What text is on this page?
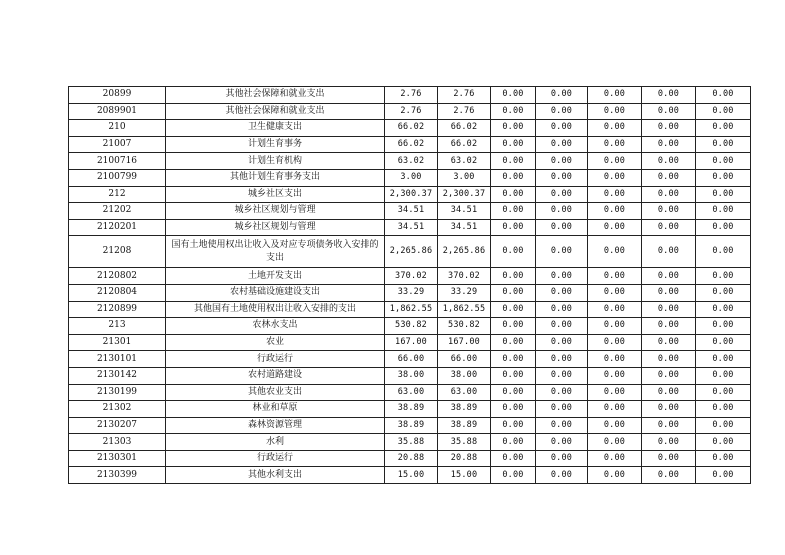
20899	其他社会保障和就业支出	2.76	2.76	0.00	0.00	0.00	0.00	0.00
2089901	其他社会保障和就业支出	2.76	2.76	0.00	0.00	0.00	0.00	0.00
210	卫生健康支出	66.02	66.02	0.00	0.00	0.00	0.00	0.00
21007	计划生育事务	66.02	66.02	0.00	0.00	0.00	0.00	0.00
2100716	计划生育机构	63.02	63.02	0.00	0.00	0.00	0.00	0.00
2100799	其他计划生育事务支出	3.00	3.00	0.00	0.00	0.00	0.00	0.00
212	城乡社区支出	2,300.37	2,300.37	0.00	0.00	0.00	0.00	0.00
21202	城乡社区规划与管理	34.51	34.51	0.00	0.00	0.00	0.00	0.00
2120201	城乡社区规划与管理	34.51	34.51	0.00	0.00	0.00	0.00	0.00
21208	国有土地使用权出让收入及对应专项债务收入安排的支出	2,265.86	2,265.86	0.00	0.00	0.00	0.00	0.00
2120802	土地开发支出	370.02	370.02	0.00	0.00	0.00	0.00	0.00
2120804	农村基础设施建设支出	33.29	33.29	0.00	0.00	0.00	0.00	0.00
2120899	其他国有土地使用权出让收入安排的支出	1,862.55	1,862.55	0.00	0.00	0.00	0.00	0.00
213	农林水支出	530.82	530.82	0.00	0.00	0.00	0.00	0.00
21301	农业	167.00	167.00	0.00	0.00	0.00	0.00	0.00
2130101	行政运行	66.00	66.00	0.00	0.00	0.00	0.00	0.00
2130142	农村道路建设	38.00	38.00	0.00	0.00	0.00	0.00	0.00
2130199	其他农业支出	63.00	63.00	0.00	0.00	0.00	0.00	0.00
21302	林业和草原	38.89	38.89	0.00	0.00	0.00	0.00	0.00
2130207	森林资源管理	38.89	38.89	0.00	0.00	0.00	0.00	0.00
21303	水利	35.88	35.88	0.00	0.00	0.00	0.00	0.00
2130301	行政运行	20.88	20.88	0.00	0.00	0.00	0.00	0.00
2130399	其他水利支出	15.00	15.00	0.00	0.00	0.00	0.00	0.00
